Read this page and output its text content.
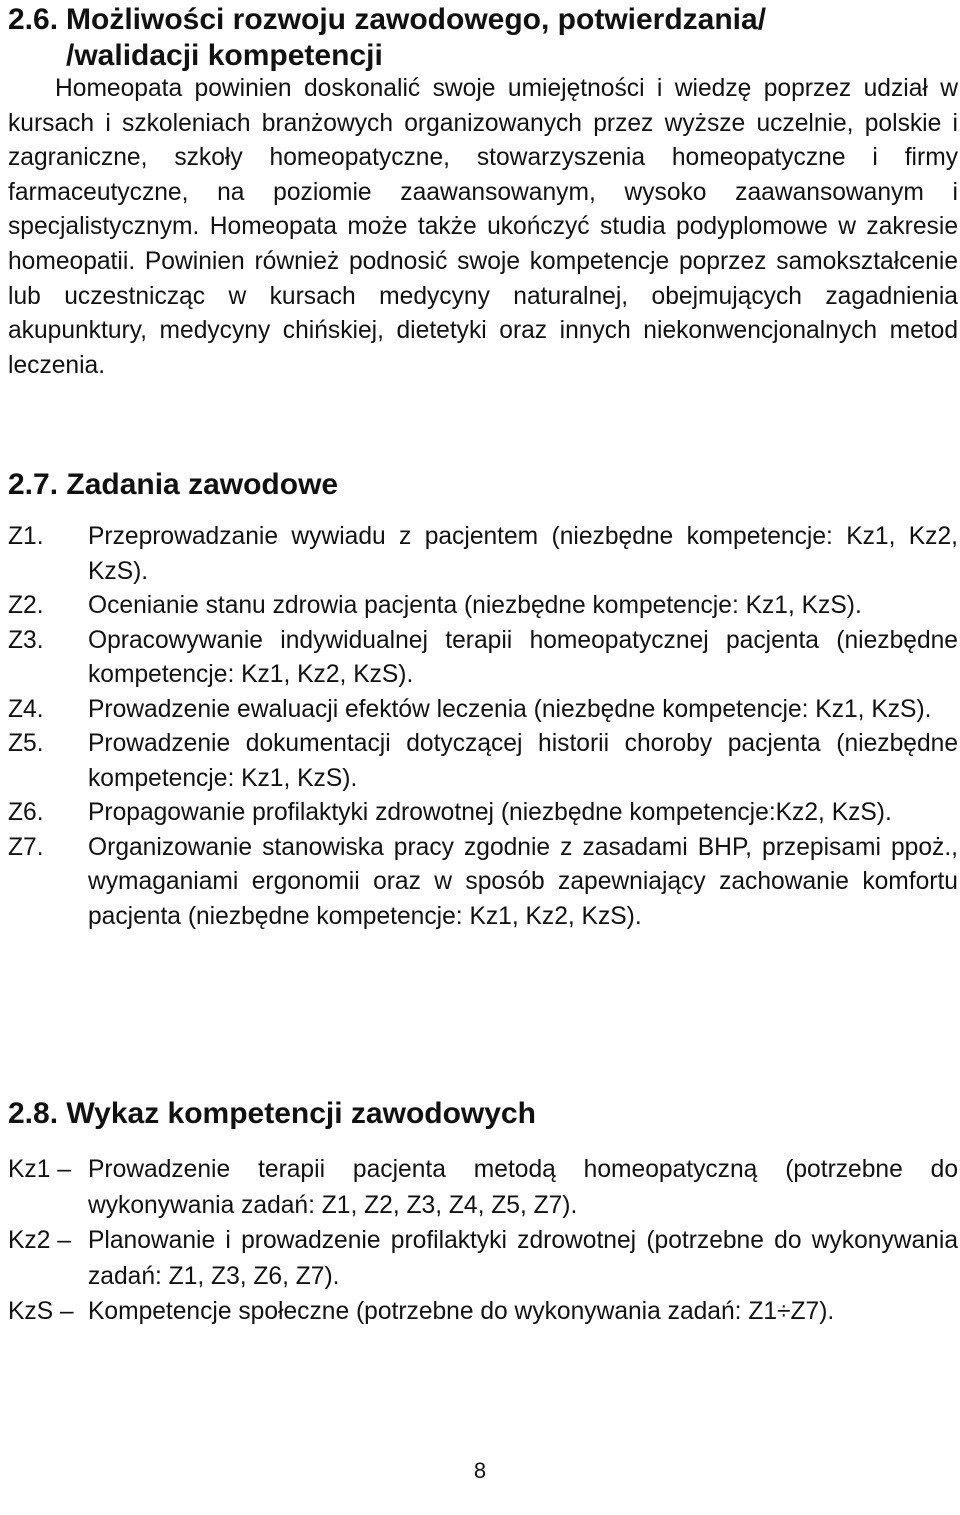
2.6. Możliwości rozwoju zawodowego, potwierdzania/
/walidacji kompetencji

Homeopata powinien doskonalić swoje umiejętności i wiedzę poprzez udział w kursach i szkoleniach branżowych organizowanych przez wyższe uczelnie, polskie i zagraniczne, szkoły homeopatyczne, stowarzyszenia homeopatyczne i firmy farmaceutyczne, na poziomie zaawansowanym, wysoko zaawansowanym i specjalistycznym. Homeopata może także ukończyć studia podyplomowe w zakresie homeopatii. Powinien również podnosić swoje kompetencje poprzez samokształcenie lub uczestnicząc w kursach medycyny naturalnej, obejmujących zagadnienia akupunktury, medycyny chińskiej, dietetyki oraz innych niekonwencjonalnych metod leczenia.

2.7. Zadania zawodowe
Z1.	Przeprowadzanie wywiadu z pacjentem (niezbędne kompetencje: Kz1, Kz2, KzS).
Z2.	Ocenianie stanu zdrowia pacjenta (niezbędne kompetencje: Kz1, KzS).
Z3.	Opracowywanie indywidualnej terapii homeopatycznej pacjenta (niezbędne kompetencje: Kz1, Kz2, KzS).
Z4.	Prowadzenie ewaluacji efektów leczenia (niezbędne kompetencje: Kz1, KzS).
Z5.	Prowadzenie dokumentacji dotyczącej historii choroby pacjenta (niezbędne kompetencje: Kz1, KzS).
Z6.	Propagowanie profilaktyki zdrowotnej (niezbędne kompetencje:Kz2, KzS).
Z7.	Organizowanie stanowiska pracy zgodnie z zasadami BHP, przepisami ppoż., wymaganiami ergonomii oraz w sposób zapewniający zachowanie komfortu pacjenta (niezbędne kompetencje: Kz1, Kz2, KzS).
2.8. Wykaz kompetencji zawodowych
Kz1 – Prowadzenie terapii pacjenta metodą homeopatyczną (potrzebne do wykonywania zadań: Z1, Z2, Z3, Z4, Z5, Z7).
Kz2 – Planowanie i prowadzenie profilaktyki zdrowotnej (potrzebne do wykonywania zadań: Z1, Z3, Z6, Z7).
KzS – Kompetencje społeczne (potrzebne do wykonywania zadań: Z1÷Z7).
8
